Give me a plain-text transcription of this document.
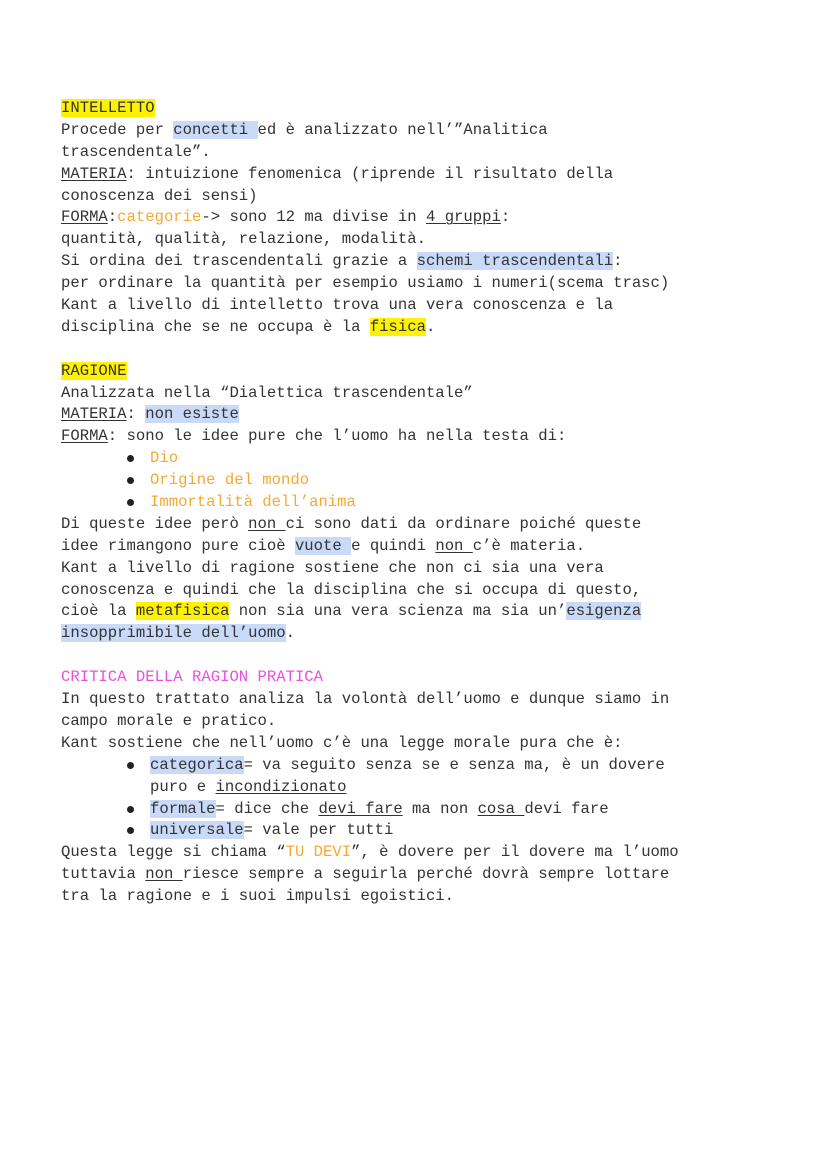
INTELLETTO
Procede per concetti ed è analizzato nell’”Analitica
trascendentale”.
MATERIA: intuizione fenomenica (riprende il risultato della
conoscenza dei sensi)
FORMA:categorie-> sono 12 ma divise in 4 gruppi:
quantità, qualità, relazione, modalità.
Si ordina dei trascendentali grazie a schemi trascendentali:
per ordinare la quantità per esempio usiamo i numeri(scema trasc)
Kant a livello di intelletto trova una vera conoscenza e la
disciplina che se ne occupa è la fisica.
RAGIONE
Analizzata nella “Dialettica trascendentale”
MATERIA: non esiste
FORMA: sono le idee pure che l’uomo ha nella testa di:
Dio
Origine del mondo
Immortalità dell’anima
Di queste idee però non ci sono dati da ordinare poiché queste
idee rimangono pure cioè vuote e quindi non c’è materia.
Kant a livello di ragione sostiene che non ci sia una vera
conoscenza e quindi che la disciplina che si occupa di questo,
cioè la metafisica non sia una vera scienza ma sia un’esigenza
insopprimibile dell’uomo.
CRITICA DELLA RAGION PRATICA
In questo trattato analiza la volontà dell’uomo e dunque siamo in
campo morale e pratico.
Kant sostiene che nell’uomo c’è una legge morale pura che è:
categorica= va seguito senza se e senza ma, è un dovere
puro e incondizionato
formale= dice che devi fare ma non cosa devi fare
universale= vale per tutti
Questa legge si chiama “TU DEVI”, è dovere per il dovere ma l’uomo
tuttavia non riesce sempre a seguirla perché dovrà sempre lottare
tra la ragione e i suoi impulsi egoistici.
